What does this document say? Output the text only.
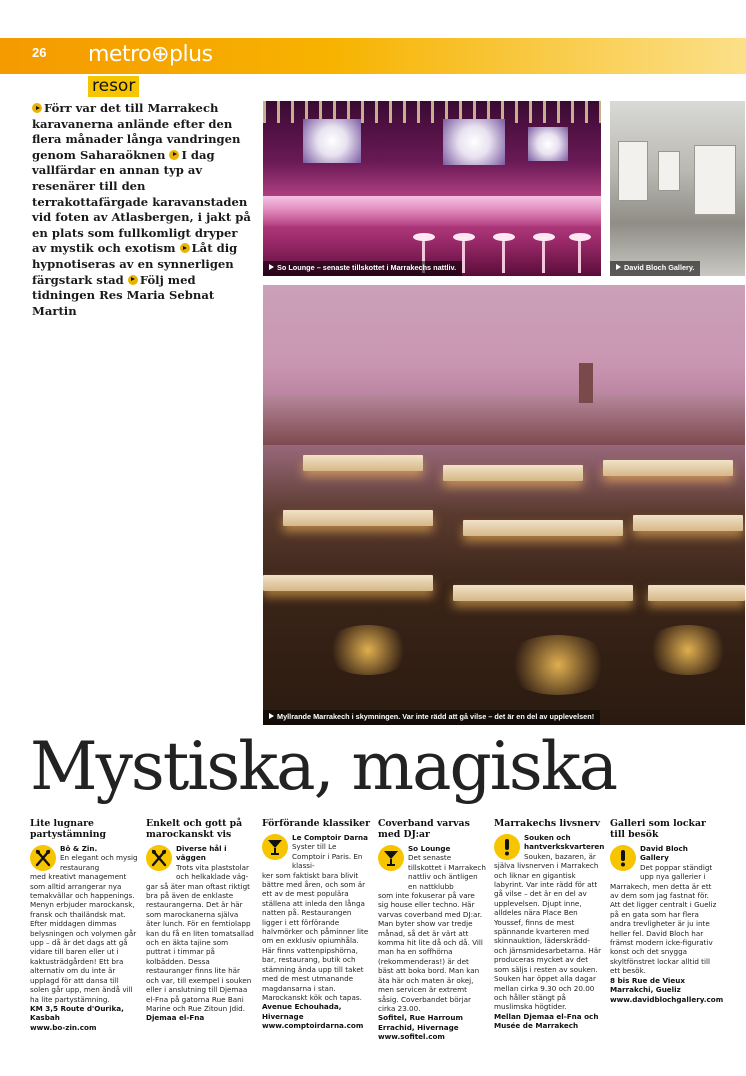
26 metro⊕plus
resor
Förr var det till Marrakech karavanerna anlände efter den flera månader långa vandringen genom Saharaöknen I dag vallfärdar en annan typ av resenärer till den terrakottafärgade karavanstaden vid foten av Atlasbergen, i jakt på en plats som fullkomligt dryper av mystik och exotism Låt dig hypnotiseras av en synnerligen färgstark stad Följ med tidningen Res Maria Sebnat Martin
So Lounge – senaste tillskottet i Marrakechs nattliv.	David Bloch Gallery.
Myllrande Marrakech i skymningen. Var inte rädd att gå vilse – det är en del av upplevelsen!
Mystiska, magiska
Lite lugnare partystämning
Bô & Zin.
En elegant och mysig restaurang
med kreativt management som alltid arrangerar nya temakvällar och happenings. Menyn erbjuder marockansk, fransk och thailändsk mat. Efter middagen dimmas belysningen och volymen går upp – då är det dags att gå vidare till baren eller ut i kaktusträdgården! Ett bra alternativ om du inte är upplagd för att dansa till solen går upp, men ändå vill ha lite partystämning.
KM 3,5 Route d'Ourika, Kasbah
www.bo-zin.com
Enkelt och gott på marockanskt vis
Diverse hål i väggen
Trots vita plaststolar och helkaklade väg-
gar så äter man oftast riktigt bra på även de enklaste restaurangerna. Det är här som marockanerna själva äter lunch. För en femtiolapp kan du få en liten tomatsallad och en äkta tajine som puttrat i timmar på kolbädden. Dessa restauranger finns lite här och var, till exempel i souken eller i anslutning till Djemaa el-Fna på gatorna Rue Bani Marine och Rue Zitoun Jdid.
Djemaa el-Fna
Förförande klassiker
Le Comptoir Darna
Syster till Le Comptoir i Paris. En klassi-
ker som faktiskt bara blivit bättre med åren, och som är ett av de mest populära ställena att inleda den långa natten på. Restaurangen ligger i ett förförande halvmörker och påminner lite om en exklusiv opiumhåla. Här finns vattenpipshörna, bar, restaurang, butik och stämning ända upp till taket med de mest utmanande magdansarna i stan. Marockanskt kök och tapas.
Avenue Echouhada, Hivernage
www.comptoirdarna.com
Coverband varvas med DJ:ar
So Lounge
Det senaste tillskottet i Marrakech nattliv och äntligen en nattklubb
som inte fokuserar på vare sig house eller techno. Här varvas coverband med DJ:ar. Man byter show var tredje månad, så det är värt att komma hit lite då och då. Vill man ha en soffhörna (rekommenderas!) är det bäst att boka bord. Man kan äta här och maten är okej, men servicen är extremt såsig. Coverbandet börjar cirka 23.00.
Sofitel, Rue Harroum Errachid, Hivernage
www.sofitel.com
Marrakechs livsnerv
Souken och hantverkskvarteren
Souken, bazaren, är
själva livsnerven i Marrakech och liknar en gigantisk labyrint. Var inte rädd för att gå vilse – det är en del av upplevelsen. Djupt inne, alldeles nära Place Ben Youssef, finns de mest spännande kvarteren med skinnauktion, läderskrädd- och järnsmidesarbetarna. Här produceras mycket av det som säljs i resten av souken. Souken har öppet alla dagar mellan cirka 9.30 och 20.00 och håller stängt på muslimska högtider.
Mellan Djemaa el-Fna och Musée de Marrakech
Galleri som lockar till besök
David Bloch Gallery
Det poppar ständigt upp nya gallerier i
Marrakech, men detta är ett av dem som jag fastnat för. Att det ligger centralt i Gueliz på en gata som har flera andra trevligheter är ju inte heller fel. David Bloch har främst modern icke-figurativ konst och det snygga skyltfönstret lockar alltid till ett besök.
8 bis Rue de Vieux Marrakchi, Gueliz
www.davidblochgallery.com
